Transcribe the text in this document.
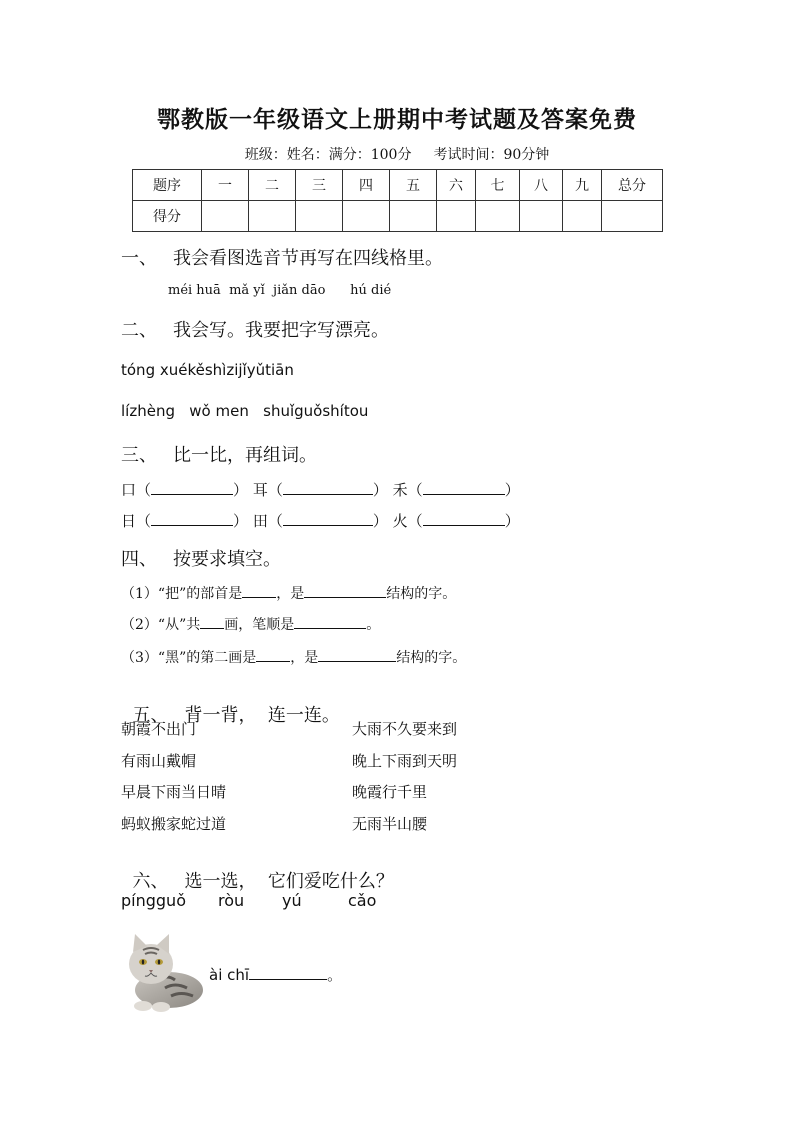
鄂教版一年级语文上册期中考试题及答案免费
班级：姓名：满分：100分 考试时间：90分钟
题序	一	二	三	四	五	六	七	八	九	总分
得分										
一、 我会看图选音节再写在四线格里。
méi huā  mǎ yǐ  jiǎn dāo      hú dié
二、 我会写。我要把字写漂亮。
tóng xuékěshìzijǐyǔtiān
lízhèng   wǒ men   shuǐguǒshítou
三、 比一比，再组词。
口（	） 耳（	） 禾（	）
日（	） 田（	） 火（	）
四、 按要求填空。
（1）“把”的部首是 ，是	结构的字。
（2）“从”共 画，笔顺是	。
（3）“黑”的第二画是 ，是	结构的字。

五、 背一背，  连一连。

朝霞不出门
有雨山戴帽
早晨下雨当日晴
蚂蚁搬家蛇过道
大雨不久要来到
晚上下雨到天明
晚霞行千里
无雨半山腰

六、 选一选，  它们爱吃什么？

píngguǒ ròu yú	cǎo
ài chī	。
